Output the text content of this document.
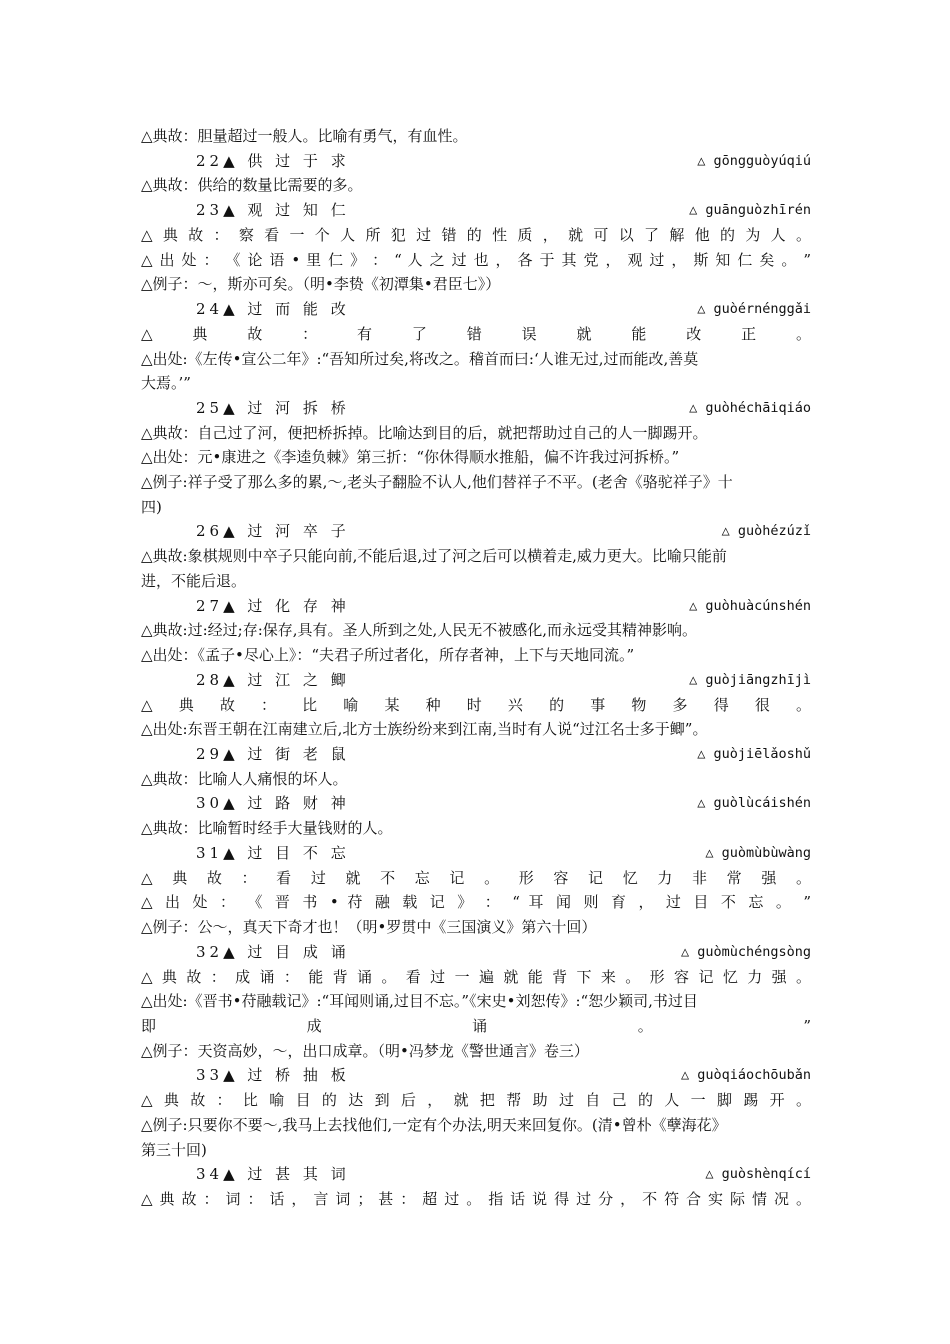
△典故：胆量超过一般人。比喻有勇气，有血性。
22▲ 供 过 于 求	△ gōngguòyúqiú
△典故：供给的数量比需要的多。
23▲ 观 过 知 仁	△ guānguòzhīrén
△ 典 故 ： 察 看 一 个 人 所 犯 过 错 的 性 质 ， 就 可 以 了 解 他 的 为 人 。
△ 出 处 ： 《 论 语 • 里 仁 》 ： “ 人 之 过 也 ， 各 于 其 党 ， 观 过 ， 斯 知 仁 矣 。 ”
△例子：～，斯亦可矣。（明•李贽《初潭集•君臣七》）
24▲ 过 而 能 改	△ guòérnénggǎi
△ 典 故 ： 有 了 错 误 就 能 改 正 。
△出处:《左传•宣公二年》:“吾知所过矣,将改之。稽首而曰:‘人谁无过,过而能改,善莫
大焉。’”
25▲ 过 河 拆 桥	△ guòhéchāiqiáo
△典故：自己过了河，便把桥拆掉。比喻达到目的后，就把帮助过自己的人一脚踢开。
△出处：元•康进之《李逵负棘》第三折：“你休得顺水推船，偏不许我过河拆桥。”
△例子:祥子受了那么多的累,～,老头子翻脸不认人,他们替祥子不平。(老舍《骆驼祥子》十
四)
26▲ 过 河 卒 子	△ guòhézúzǐ
△典故:象棋规则中卒子只能向前,不能后退,过了河之后可以横着走,威力更大。比喻只能前
进，不能后退。
27▲ 过 化 存 神	△ guòhuàcúnshén
△典故:过:经过;存:保存,具有。圣人所到之处,人民无不被感化,而永远受其精神影响。
△出处：《孟子•尽心上》：“夫君子所过者化，所存者神，上下与天地同流。”
28▲ 过 江 之 鲫	△ guòjiāngzhījì
△ 典 故 ： 比 喻 某 种 时 兴 的 事 物 多 得 很 。
△出处:东晋王朝在江南建立后,北方士族纷纷来到江南,当时有人说“过江名士多于鲫”。
29▲ 过 街 老 鼠	△ guòjiēlǎoshǔ
△典故：比喻人人痛恨的坏人。
30▲ 过 路 财 神	△ guòlùcáishén
△典故：比喻暂时经手大量钱财的人。
31▲ 过 目 不 忘	△ guòmùbùwàng
△ 典 故 ： 看 过 就 不 忘 记 。 形 容 记 忆 力 非 常 强 。
△ 出 处 ： 《 晋 书 • 苻 融 载 记 》 ： “ 耳 闻 则 育 ， 过 目 不 忘 。 ”
△例子：公～，真天下奇才也！（明•罗贯中《三国演义》第六十回）
32▲ 过 目 成 诵	△ guòmùchéngsòng
△ 典 故 ： 成 诵 ： 能 背 诵 。 看 过 一 遍 就 能 背 下 来 。 形 容 记 忆 力 强 。
△出处:《晋书•苻融载记》:“耳闻则诵,过目不忘。”《宋史•刘恕传》:“恕少颖司,书过目
即 成 诵 。 ”
△例子：天资高妙，～，出口成章。（明•冯梦龙《警世通言》卷三）
33▲ 过 桥 抽 板	△ guòqiáochōubǎn
△ 典 故 ： 比 喻 目 的 达 到 后 ， 就 把 帮 助 过 自 己 的 人 一 脚 踢 开 。
△例子:只要你不要～,我马上去找他们,一定有个办法,明天来回复你。(清•曾朴《孽海花》
第三十回)
34▲ 过 甚 其 词	△ guòshènqící
△ 典 故 ： 词 ： 话 ， 言 词 ； 甚 ： 超 过 。 指 话 说 得 过 分 ， 不 符 合 实 际 情 况 。
